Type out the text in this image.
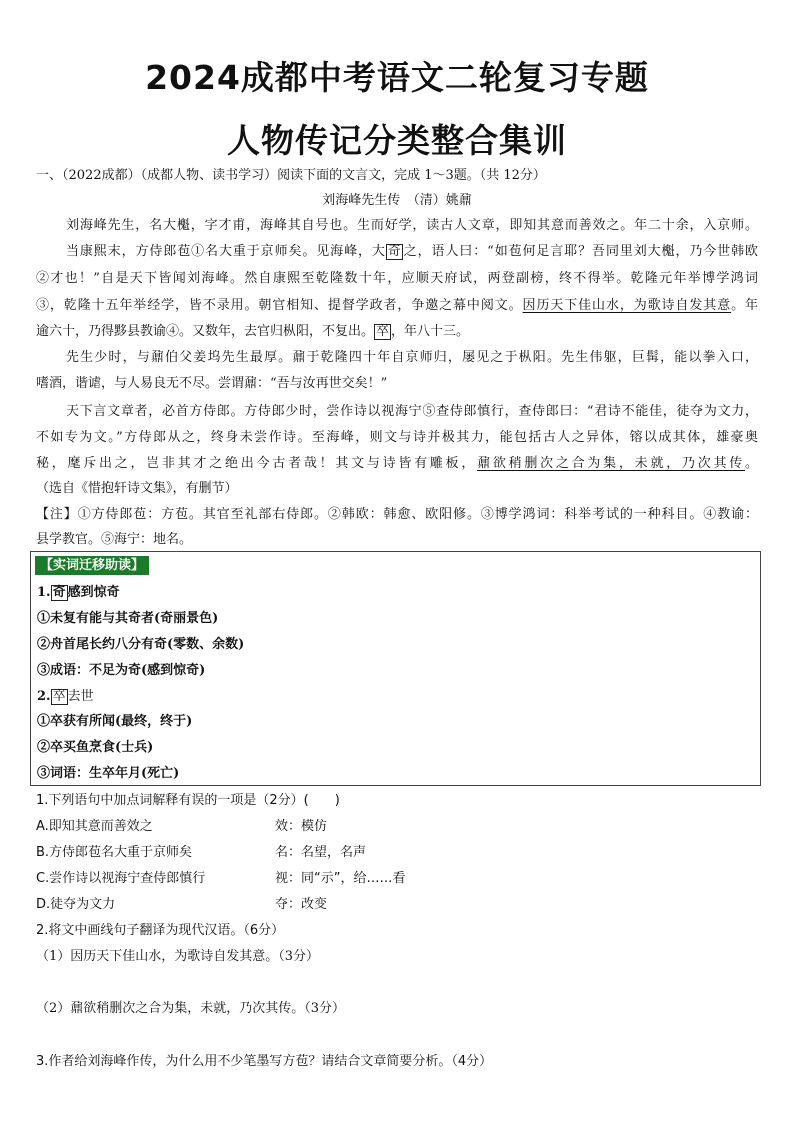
2024成都中考语文二轮复习专题
人物传记分类整合集训
一、（2022成都）（成都人物、读书学习）阅读下面的文言文，完成 1～3题。（共 12分）
刘海峰先生传　（清）姚鼐
刘海峰先生，名大櫆，字才甫，海峰其自号也。生而好学，读古人文章，即知其意而善效之。年二十余，入京师。
当康熙末，方侍郎苞①名大重于京师矣。见海峰，大 奇 之，语人曰：“如苞何足言耶？吾同里刘大櫆，乃今世韩欧
②才也！”自是天下皆闻刘海峰。然自康熙至乾隆数十年，应顺天府试，两登副榜，终不得举。乾隆元年举博学鸿词
③，乾隆十五年举经学，皆不录用。朝官相知、提督学政者，争邀之幕中阅文。因历天下佳山水，为歌诗自发其意。年
逾六十，乃得黟县教谕④。又数年，去官归枞阳，不复出。 卒 ，年八十三。
先生少时，与鼐伯父姜坞先生最厚。鼐于乾隆四十年自京师归，屡见之于枞阳。先生伟躯，巨髯，能以拳入口，
嗜酒，谐谑，与人易良无不尽。尝谓鼐：“吾与汝再世交矣！”
天下言文章者，必首方侍郎。方侍郎少时，尝作诗以视海宁⑤查侍郎慎行，查侍郎曰：“君诗不能佳，徒夺为文力，
不如专为文。”方侍郎从之，终身未尝作诗。至海峰，则文与诗并极其力，能包括古人之异体，镕以成其体，雄豪奥
秘，麾斥出之，岂非其才之绝出今古者哉！其文与诗皆有雕板，鼐欲稍删次之合为集，未就，乃次其传。
（选自《惜抱轩诗文集》，有删节）
【注】①方侍郎苞：方苞。其官至礼部右侍郎。②韩欧：韩愈、欧阳修。③博学鸿词：科举考试的一种科目。④教谕：
县学教官。⑤海宁：地名。
【实词迁移助读】
1. 奇 感到惊奇
①未复有能与其奇者(奇丽景色)
②舟首尾长约八分有奇(零数、余数)
③成语：不足为奇(感到惊奇)
2. 卒 去世
①卒获有所闻(最终，终于)
②卒买鱼烹食(士兵)
③词语：生卒年月(死亡)
1.下列语句中加点词解释有误的一项是（2分）(　　)
A.即知其意而善效之	效：模仿
B.方侍郎苞名大重于京师矣	名：名望，名声
C.尝作诗以视海宁查侍郎慎行	视：同“示”，给……看
D.徒夺为文力	夺：改变
2.将文中画线句子翻译为现代汉语。（6分）
（1）因历天下佳山水，为歌诗自发其意。（3分）
（2）鼐欲稍删次之合为集，未就，乃次其传。（3分）
3.作者给刘海峰作传，为什么用不少笔墨写方苞？请结合文章简要分析。（4分）
